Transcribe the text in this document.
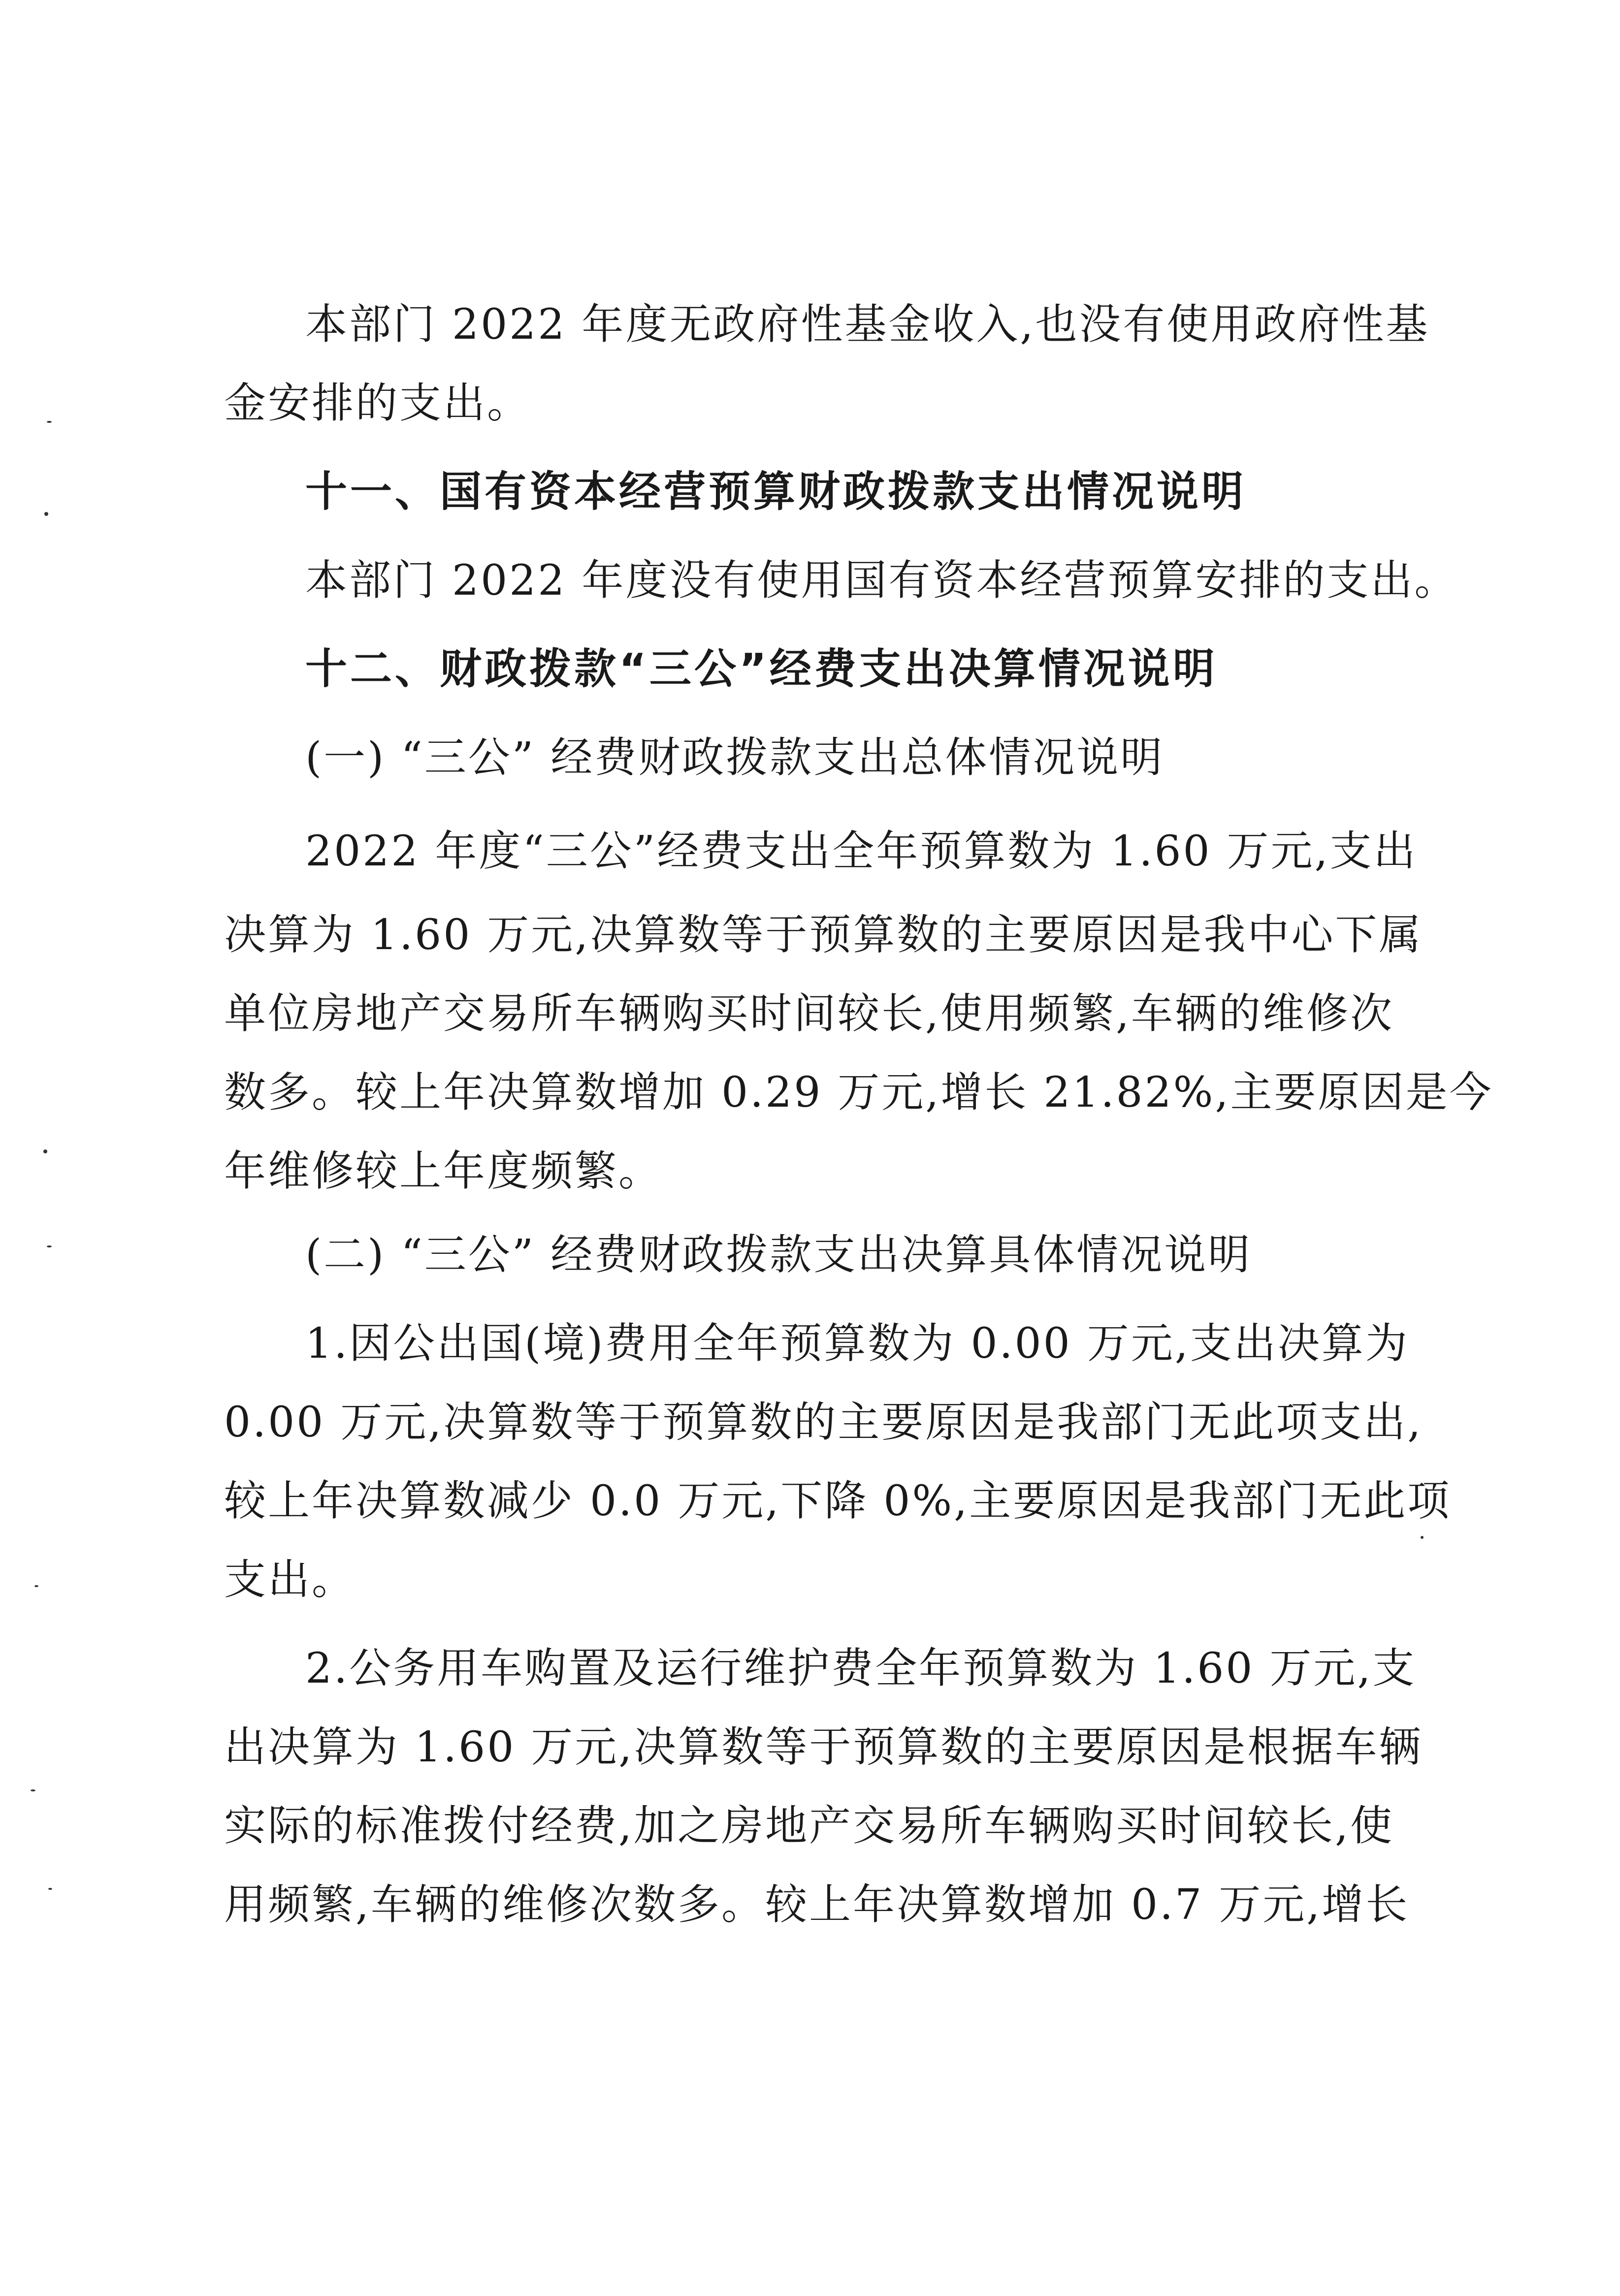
本部门 2022 年度无政府性基金收入,也没有使用政府性基
金安排的支出。
十一、国有资本经营预算财政拨款支出情况说明
本部门 2022 年度没有使用国有资本经营预算安排的支出。
十二、财政拨款“三公”经费支出决算情况说明
(一) “三公” 经费财政拨款支出总体情况说明
2022 年度“三公”经费支出全年预算数为 1.60 万元,支出
决算为 1.60 万元,决算数等于预算数的主要原因是我中心下属
单位房地产交易所车辆购买时间较长,使用频繁,车辆的维修次
数多。较上年决算数增加 0.29 万元,增长 21.82%,主要原因是今
年维修较上年度频繁。
(二) “三公” 经费财政拨款支出决算具体情况说明
1.因公出国(境)费用全年预算数为 0.00 万元,支出决算为
0.00 万元,决算数等于预算数的主要原因是我部门无此项支出,
较上年决算数减少 0.0 万元,下降 0%,主要原因是我部门无此项
支出。
2.公务用车购置及运行维护费全年预算数为 1.60 万元,支
出决算为 1.60 万元,决算数等于预算数的主要原因是根据车辆
实际的标准拨付经费,加之房地产交易所车辆购买时间较长,使
用频繁,车辆的维修次数多。较上年决算数增加 0.7 万元,增长
